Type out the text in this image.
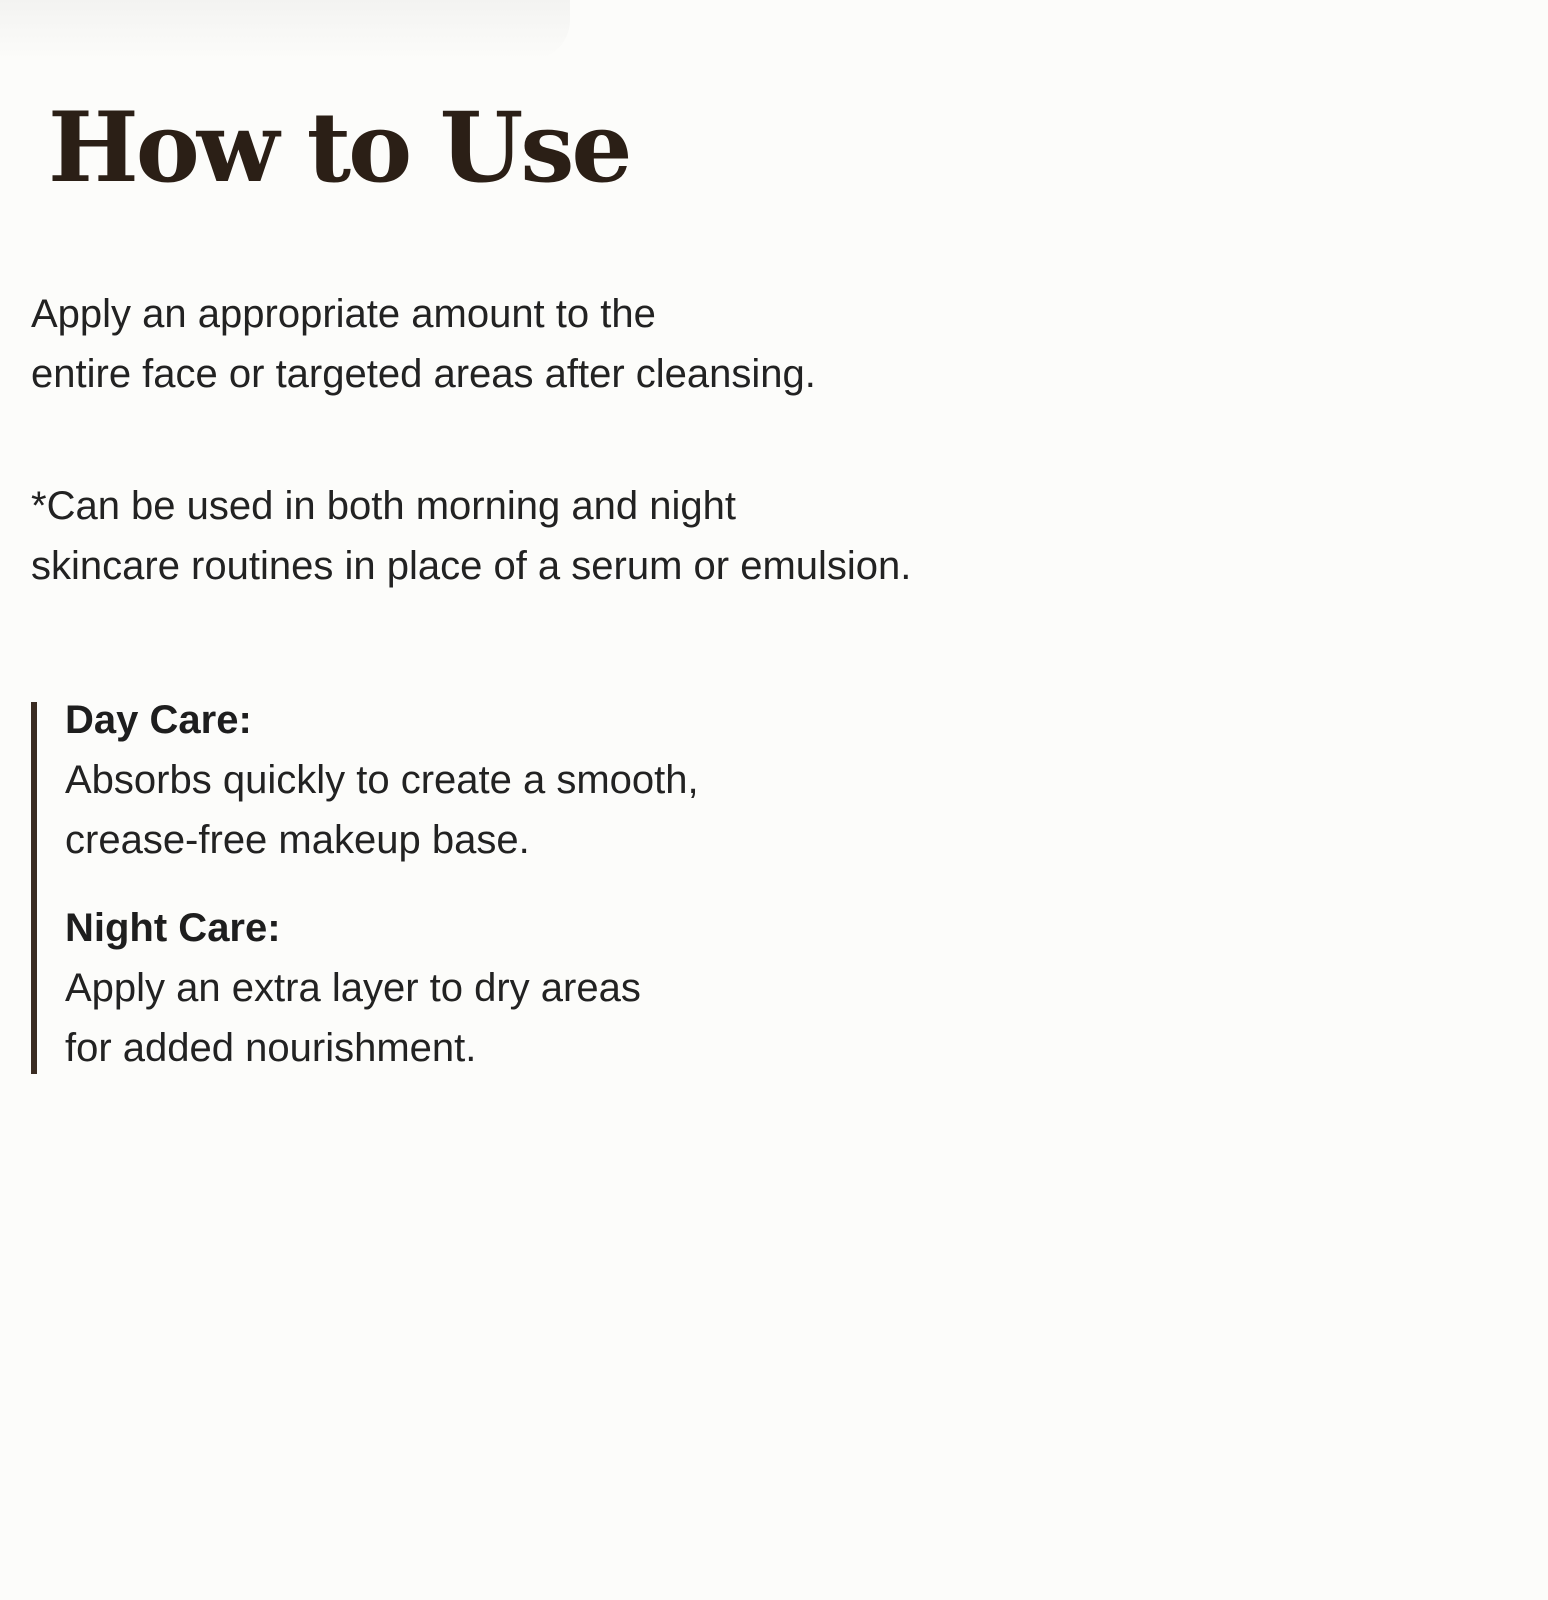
How to Use

Apply an appropriate amount to the
entire face or targeted areas after cleansing.

*Can be used in both morning and night
skincare routines in place of a serum or emulsion.

Day Care:
Absorbs quickly to create a smooth,
crease-free makeup base.
Night Care:
Apply an extra layer to dry areas
for added nourishment.
